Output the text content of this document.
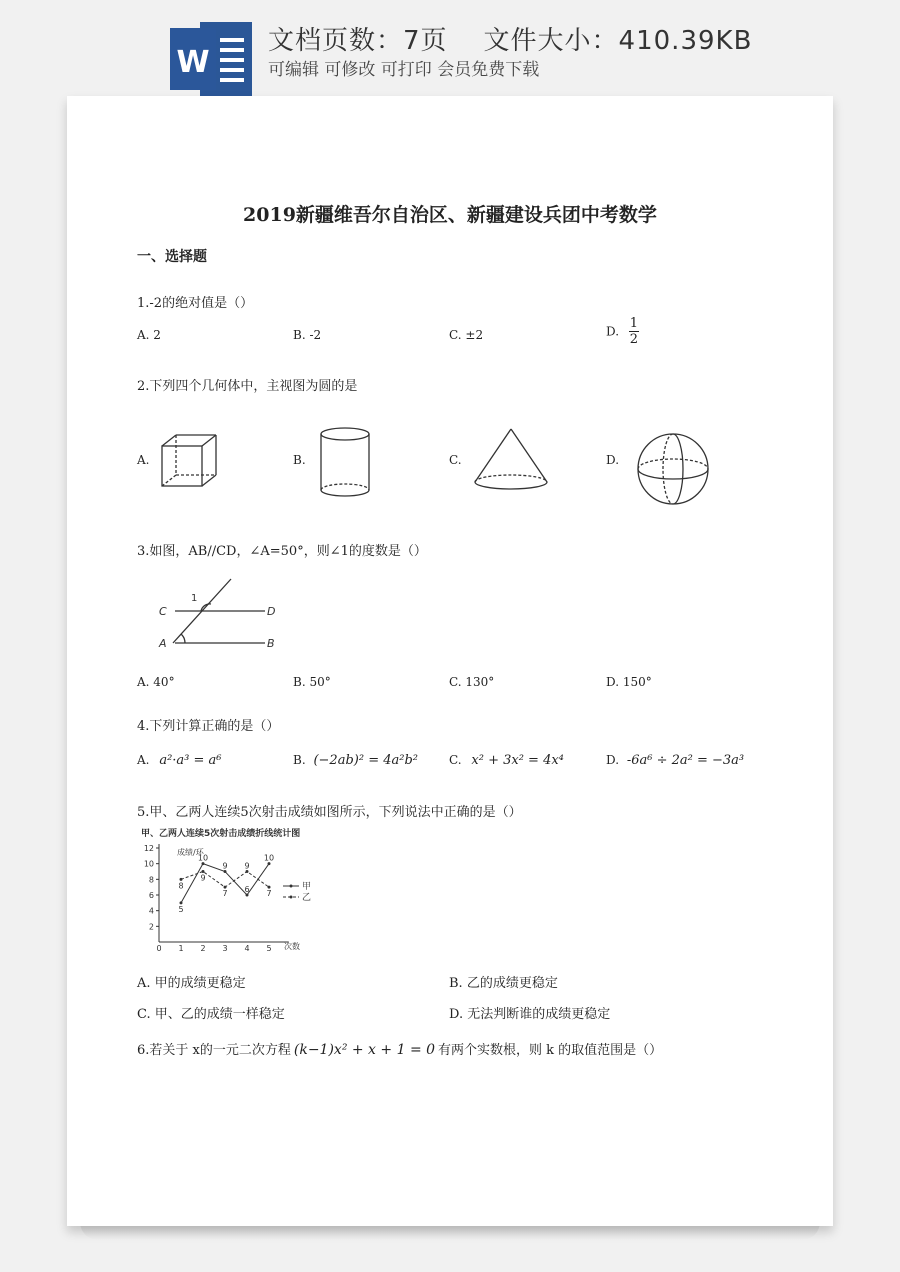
W
文档页数：7页 文件大小：410.39KB
可编辑 可修改 可打印 会员免费下载
2019新疆维吾尔自治区、新疆建设兵团中考数学
一、选择题
1.-2的绝对值是（）
A. 2	B. -2	C. ±2	D. $\frac{1}{2}$
2.下列四个几何体中，主视图为圆的是
A.	B.	C.	D.
3.如图，AB//CD，∠A=50°，则∠1的度数是（）
C	D
A	B
1
A. 40°	B. 50°	C. 130°	D. 150°
4.下列计算正确的是（）
A. a²·a³ = a⁶	B. (−2ab)² = 4a²b²	C. x² + 3x² = 4x⁴	D. -6a⁶ ÷ 2a² = −3a³
5.甲、乙两人连续5次射击成绩如图所示，下列说法中正确的是（）
甲、乙两人连续5次射击成绩折线统计图
成绩/环
次数
2
4
6
8
10
12
0 1 2 3 4 5
5
10
9
6
10
8
9
7
9
7
甲
乙
A. 甲的成绩更稳定	B. 乙的成绩更稳定
C. 甲、乙的成绩一样稳定	D. 无法判断谁的成绩更稳定
6.若关于 x的一元二次方程 (k−1)x² + x + 1 = 0 有两个实数根，则 k 的取值范围是（）
